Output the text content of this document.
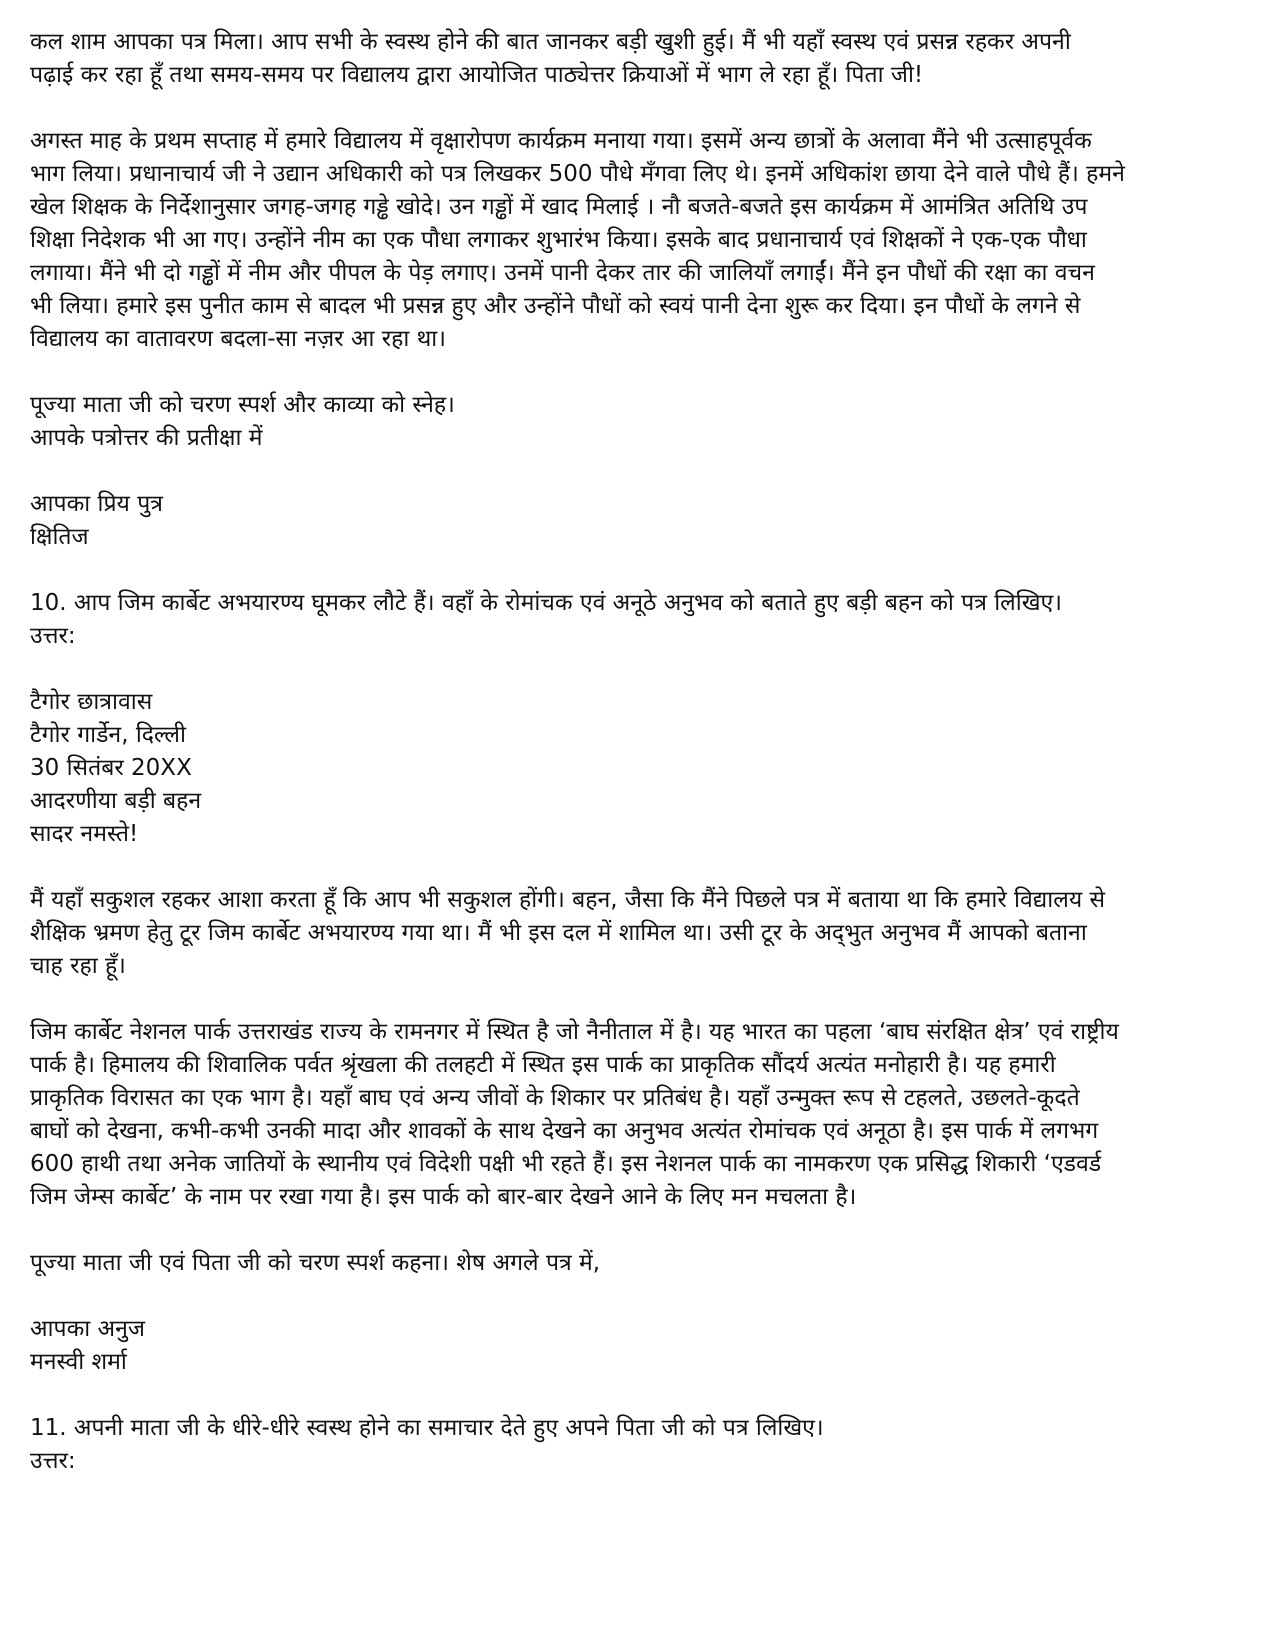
कल शाम आपका पत्र मिला। आप सभी के स्वस्थ होने की बात जानकर बड़ी खुशी हुई। मैं भी यहाँ स्वस्थ एवं प्रसन्न रहकर अपनी
पढ़ाई कर रहा हूँ तथा समय-समय पर विद्यालय द्वारा आयोजित पाठ्येत्तर क्रियाओं में भाग ले रहा हूँ। पिता जी!
अगस्त माह के प्रथम सप्ताह में हमारे विद्यालय में वृक्षारोपण कार्यक्रम मनाया गया। इसमें अन्य छात्रों के अलावा मैंने भी उत्साहपूर्वक
भाग लिया। प्रधानाचार्य जी ने उद्यान अधिकारी को पत्र लिखकर 500 पौधे मँगवा लिए थे। इनमें अधिकांश छाया देने वाले पौधे हैं। हमने
खेल शिक्षक के निर्देशानुसार जगह-जगह गड्ढे खोदे। उन गड्ढों में खाद मिलाई । नौ बजते-बजते इस कार्यक्रम में आमंत्रित अतिथि उप
शिक्षा निदेशक भी आ गए। उन्होंने नीम का एक पौधा लगाकर शुभारंभ किया। इसके बाद प्रधानाचार्य एवं शिक्षकों ने एक-एक पौधा
लगाया। मैंने भी दो गड्ढों में नीम और पीपल के पेड़ लगाए। उनमें पानी देकर तार की जालियाँ लगाईं। मैंने इन पौधों की रक्षा का वचन
भी लिया। हमारे इस पुनीत काम से बादल भी प्रसन्न हुए और उन्होंने पौधों को स्वयं पानी देना शुरू कर दिया। इन पौधों के लगने से
विद्यालय का वातावरण बदला-सा नज़र आ रहा था।
पूज्या माता जी को चरण स्पर्श और काव्या को स्नेह।
आपके पत्रोत्तर की प्रतीक्षा में
आपका प्रिय पुत्र
क्षितिज
10. आप जिम कार्बेट अभयारण्य घूमकर लौटे हैं। वहाँ के रोमांचक एवं अनूठे अनुभव को बताते हुए बड़ी बहन को पत्र लिखिए।
उत्तर:
टैगोर छात्रावास
टैगोर गार्डेन, दिल्ली
30 सितंबर 20XX
आदरणीया बड़ी बहन
सादर नमस्ते!
मैं यहाँ सकुशल रहकर आशा करता हूँ कि आप भी सकुशल होंगी। बहन, जैसा कि मैंने पिछले पत्र में बताया था कि हमारे विद्यालय से
शैक्षिक भ्रमण हेतु टूर जिम कार्बेट अभयारण्य गया था। मैं भी इस दल में शामिल था। उसी टूर के अद्‌भुत अनुभव मैं आपको बताना
चाह रहा हूँ।
जिम कार्बेट नेशनल पार्क उत्तराखंड राज्य के रामनगर में स्थित है जो नैनीताल में है। यह भारत का पहला ‘बाघ संरक्षित क्षेत्र’ एवं राष्ट्रीय
पार्क है। हिमालय की शिवालिक पर्वत श्रृंखला की तलहटी में स्थित इस पार्क का प्राकृतिक सौंदर्य अत्यंत मनोहारी है। यह हमारी
प्राकृतिक विरासत का एक भाग है। यहाँ बाघ एवं अन्य जीवों के शिकार पर प्रतिबंध है। यहाँ उन्मुक्त रूप से टहलते, उछलते-कूदते
बाघों को देखना, कभी-कभी उनकी मादा और शावकों के साथ देखने का अनुभव अत्यंत रोमांचक एवं अनूठा है। इस पार्क में लगभग
600 हाथी तथा अनेक जातियों के स्थानीय एवं विदेशी पक्षी भी रहते हैं। इस नेशनल पार्क का नामकरण एक प्रसिद्ध शिकारी ‘एडवर्ड
जिम जेम्स कार्बेट’ के नाम पर रखा गया है। इस पार्क को बार-बार देखने आने के लिए मन मचलता है।
पूज्या माता जी एवं पिता जी को चरण स्पर्श कहना। शेष अगले पत्र में,
आपका अनुज
मनस्वी शर्मा
11. अपनी माता जी के धीरे-धीरे स्वस्थ होने का समाचार देते हुए अपने पिता जी को पत्र लिखिए।
उत्तर:
